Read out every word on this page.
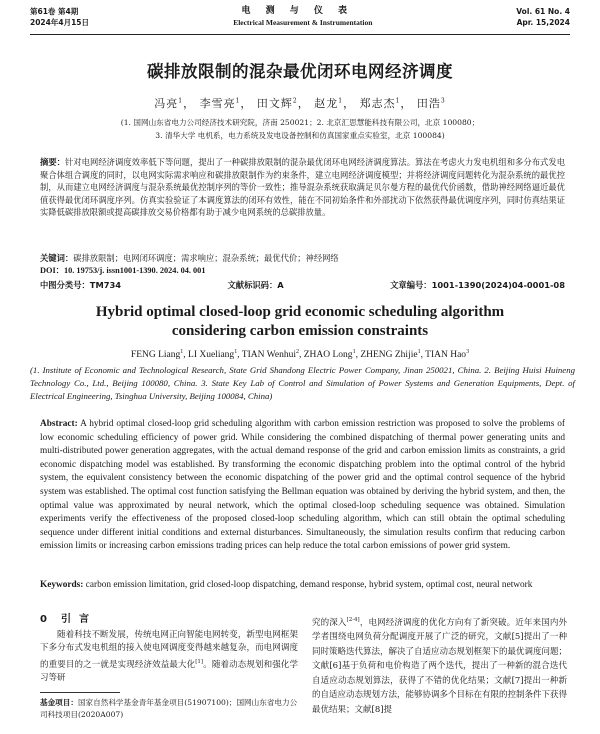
第61卷 第4期	电 测 与 仪 表	Vol. 61 No. 4
2024年4月15日	Electrical Measurement & Instrumentation	Apr. 15,2024
碳排放限制的混杂最优闭环电网经济调度
冯亮$^1$， 李雪亮$^1$， 田文辉$^2$， 赵龙$^1$， 郑志杰$^1$， 田浩$^3$
(1. 国网山东省电力公司经济技术研究院，济南 250021；2. 北京汇思慧能科技有限公司，北京 100080；
3. 清华大学 电机系，电力系统及发电设备控制和仿真国家重点实验室，北京 100084)
摘要：针对电网经济调度效率低下等问题，提出了一种碳排放限制的混杂最优闭环电网经济调度算法。算法在考虑火力发电机组和多分布式发电聚合体组合调度的同时，以电网实际需求响应和碳排放限制作为约束条件，建立电网经济调度模型；并将经济调度问题转化为混杂系统的最优控制，从而建立电网经济调度与混杂系统最优控制序列的等价一致性；推导混杂系统获取满足贝尔曼方程的最优代价函数，借助神经网络逼近最优值获得最优闭环调度序列。仿真实验验证了本调度算法的闭环有效性，能在不同初始条件和外部扰动下依然获得最优调度序列，同时仿真结果证实降低碳排放限额或提高碳排放交易价格都有助于减少电网系统的总碳排放量。
关键词：碳排放限制；电网闭环调度；需求响应；混杂系统；最优代价；神经网络
DOI：10. 19753/j. issn1001-1390. 2024. 04. 001
中图分类号：TM734	文献标识码：A	文章编号：1001-1390(2024)04-0001-08
Hybrid optimal closed-loop grid economic scheduling algorithm
considering carbon emission constraints
FENG Liang$^1$, LI Xueliang$^1$, TIAN Wenhui$^2$, ZHAO Long$^1$, ZHENG Zhijie$^1$, TIAN Hao$^3$
(1. Institute of Economic and Technological Research, State Grid Shandong Electric Power Company, Jinan 250021, China. 2. Beijing Huisi Huineng Technology Co., Ltd., Beijing 100080, China. 3. State Key Lab of Control and Simulation of Power Systems and Generation Equipments, Dept. of Electrical Engineering, Tsinghua University, Beijing 100084, China)
Abstract: A hybrid optimal closed-loop grid scheduling algorithm with carbon emission restriction was proposed to solve the problems of low economic scheduling efficiency of power grid. While considering the combined dispatching of thermal power generating units and multi-distributed power generation aggregates, with the actual demand response of the grid and carbon emission limits as constraints, a grid economic dispatching model was established. By transforming the economic dispatching problem into the optimal control of the hybrid system, the equivalent consistency between the economic dispatching of the power grid and the optimal control sequence of the hybrid system was established. The optimal cost function satisfying the Bellman equation was obtained by deriving the hybrid system, and then, the optimal value was approximated by neural network, which the optimal closed-loop scheduling sequence was obtained. Simulation experiments verify the effectiveness of the proposed closed-loop scheduling algorithm, which can still obtain the optimal scheduling sequence under different initial conditions and external disturbances. Simultaneously, the simulation results confirm that reducing carbon emission limits or increasing carbon emissions trading prices can help reduce the total carbon emissions of power grid system.
Keywords: carbon emission limitation, grid closed-loop dispatching, demand response, hybrid system, optimal cost, neural network
0 引言

随着科技不断发展，传统电网正向智能电网转变，新型电网框架下多分布式发电机组的接入使电网调度变得越来越复杂，而电网调度的重要目的之一就是实现经济效益最大化[1]。随着动态规划和强化学习等研

基金项目：国家自然科学基金青年基金项目(51907100)；国网山东省电力公司科技项目(2020A007)
究的深入[2-4]，电网经济调度的优化方向有了新突破。近年来国内外学者围绕电网负荷分配调度开展了广泛的研究，文献[5]提出了一种同时策略迭代算法，解决了自适应动态规划框架下的最优调度问题；文献[6]基于负荷和电价构造了两个迭代，提出了一种新的混合迭代自适应动态规划算法，获得了不错的优化结果；文献[7]提出一种新的自适应动态规划方法，能够协调多个目标在有限的控制条件下获得最优结果；文献[8]提
